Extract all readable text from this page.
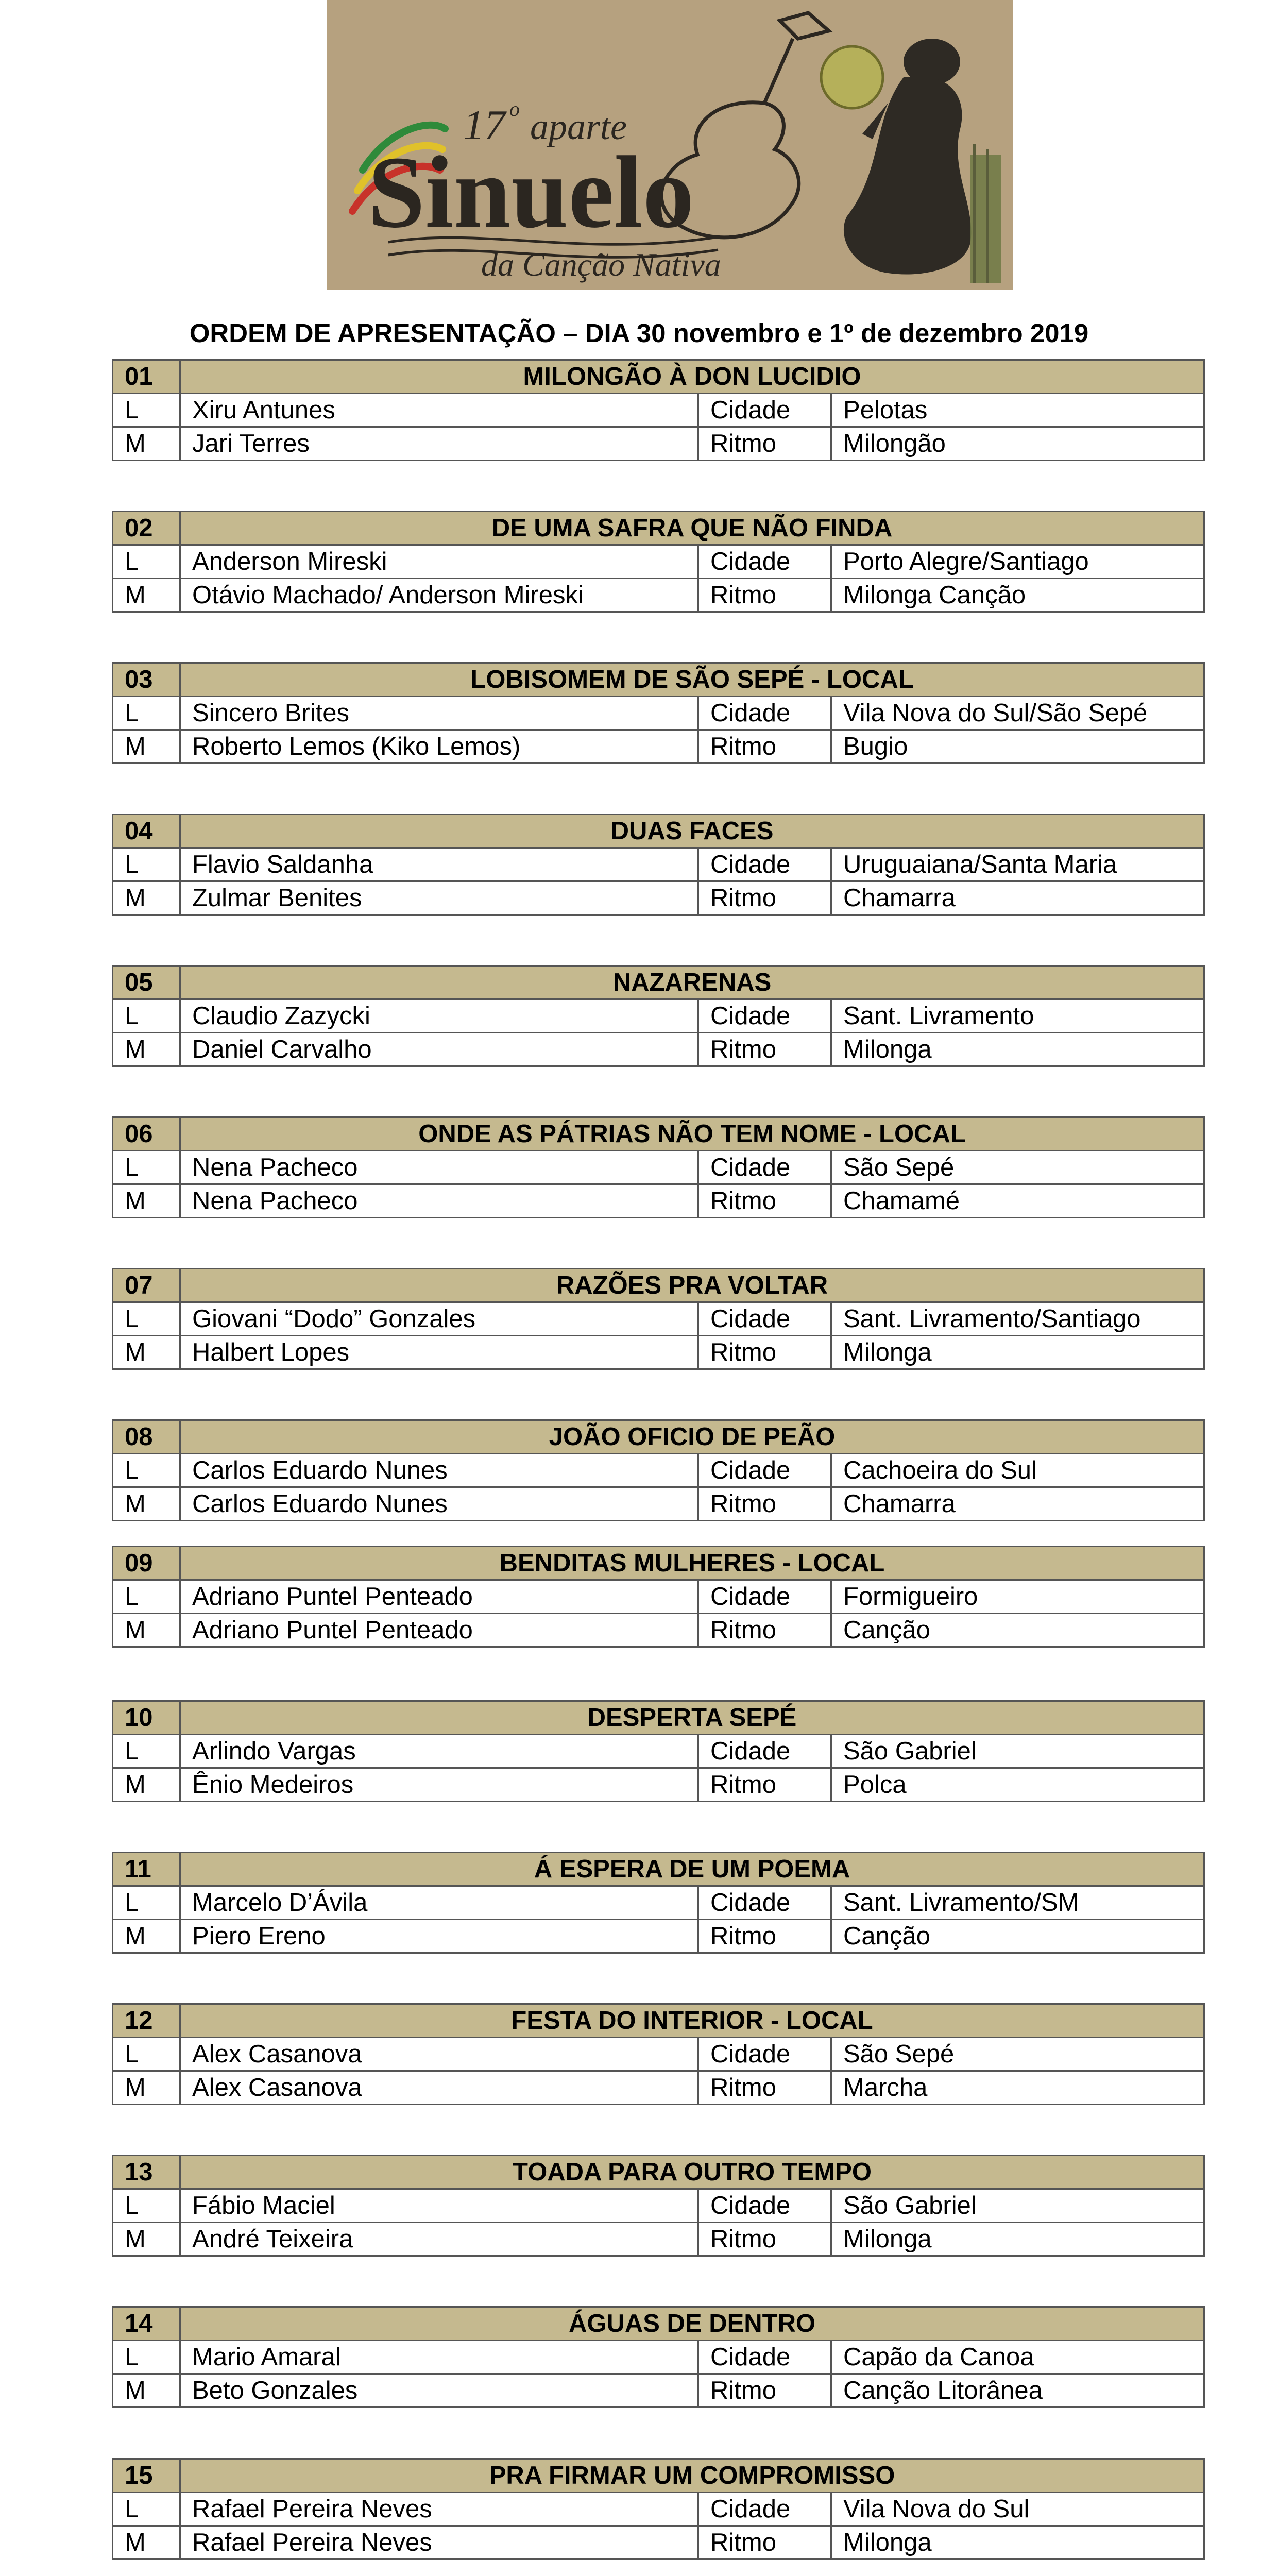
17 o aparte
Sinuelo
da Canção Nativa
ORDEM DE APRESENTAÇÃO – DIA 30 novembro e 1º de dezembro 2019
01	MILONGÃO À DON LUCIDIO		
L	Xiru Antunes	Cidade	Pelotas
M	Jari Terres	Ritmo	Milongão
02	DE UMA SAFRA QUE NÃO FINDA		
L	Anderson Mireski	Cidade	Porto Alegre/Santiago
M	Otávio Machado/ Anderson Mireski	Ritmo	Milonga Canção
03	LOBISOMEM DE SÃO SEPÉ - LOCAL		
L	Sincero Brites	Cidade	Vila Nova do Sul/São Sepé
M	Roberto Lemos (Kiko Lemos)	Ritmo	Bugio
04	DUAS FACES		
L	Flavio Saldanha	Cidade	Uruguaiana/Santa Maria
M	Zulmar Benites	Ritmo	Chamarra
05	NAZARENAS		
L	Claudio Zazycki	Cidade	Sant. Livramento
M	Daniel Carvalho	Ritmo	Milonga
06	ONDE AS PÁTRIAS NÃO TEM NOME - LOCAL		
L	Nena Pacheco	Cidade	São Sepé
M	Nena Pacheco	Ritmo	Chamamé
07	RAZÕES PRA VOLTAR		
L	Giovani “Dodo” Gonzales	Cidade	Sant. Livramento/Santiago
M	Halbert Lopes	Ritmo	Milonga
08	JOÃO OFICIO DE PEÃO		
L	Carlos Eduardo Nunes	Cidade	Cachoeira do Sul
M	Carlos Eduardo Nunes	Ritmo	Chamarra
09	BENDITAS MULHERES - LOCAL		
L	Adriano Puntel Penteado	Cidade	Formigueiro
M	Adriano Puntel Penteado	Ritmo	Canção
10	DESPERTA SEPÉ		
L	Arlindo Vargas	Cidade	São Gabriel
M	Ênio Medeiros	Ritmo	Polca
11	Á ESPERA DE UM POEMA		
L	Marcelo D’Ávila	Cidade	Sant. Livramento/SM
M	Piero Ereno	Ritmo	Canção
12	FESTA DO INTERIOR - LOCAL		
L	Alex Casanova	Cidade	São Sepé
M	Alex Casanova	Ritmo	Marcha
13	TOADA PARA OUTRO TEMPO		
L	Fábio Maciel	Cidade	São Gabriel
M	André Teixeira	Ritmo	Milonga
14	ÁGUAS DE DENTRO		
L	Mario Amaral	Cidade	Capão da Canoa
M	Beto Gonzales	Ritmo	Canção Litorânea
15	PRA FIRMAR UM COMPROMISSO		
L	Rafael Pereira Neves	Cidade	Vila Nova do Sul
M	Rafael Pereira Neves	Ritmo	Milonga
